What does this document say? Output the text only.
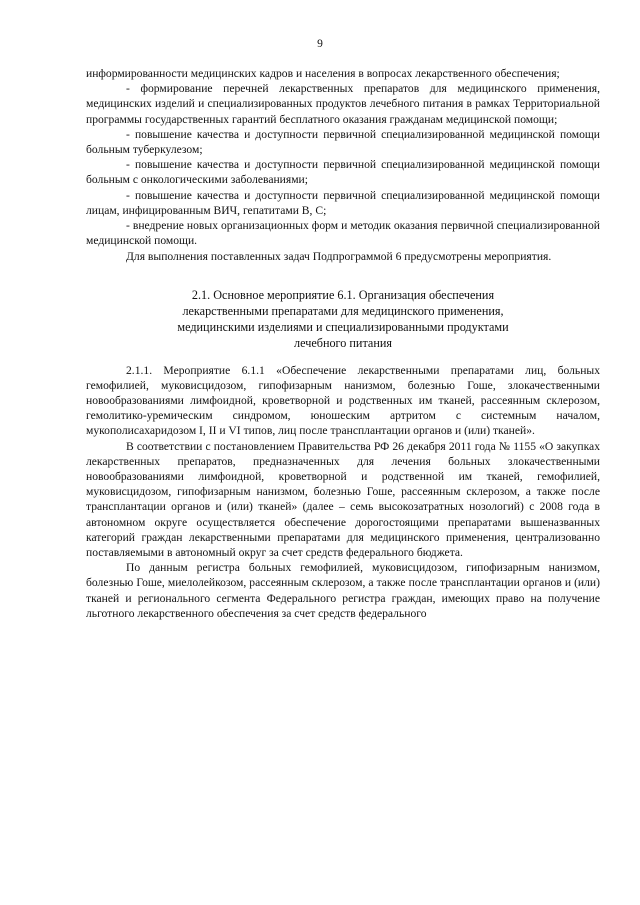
9

информированности медицинских кадров и населения в вопросах лекарственного обеспечения;

- формирование перечней лекарственных препаратов для медицинского применения, медицинских изделий и специализированных продуктов лечебного питания в рамках Территориальной программы государственных гарантий бесплатного оказания гражданам медицинской помощи;

- повышение качества и доступности первичной специализированной медицинской помощи больным туберкулезом;

- повышение качества и доступности первичной специализированной медицинской помощи больным с онкологическими заболеваниями;

- повышение качества и доступности первичной специализированной медицинской помощи лицам, инфицированным ВИЧ, гепатитами В, С;

- внедрение новых организационных форм и методик оказания первичной специализированной медицинской помощи.

Для выполнения поставленных задач Подпрограммой 6 предусмотрены мероприятия.

2.1. Основное мероприятие 6.1. Организация обеспечения
лекарственными препаратами для медицинского применения,
медицинскими изделиями и специализированными продуктами
лечебного питания

2.1.1. Мероприятие 6.1.1 «Обеспечение лекарственными препаратами лиц, больных гемофилией, муковисцидозом, гипофизарным нанизмом, болезнью Гоше, злокачественными новообразованиями лимфоидной, кроветворной и родственных им тканей, рассеянным склерозом, гемолитико-уремическим синдромом, юношеским артритом с системным началом, мукополисахаридозом I, II и VI типов, лиц после трансплантации органов и (или) тканей».

В соответствии с постановлением Правительства РФ 26 декабря 2011 года № 1155 «О закупках лекарственных препаратов, предназначенных для лечения больных злокачественными новообразованиями лимфоидной, кроветворной и родственной им тканей, гемофилией, муковисцидозом, гипофизарным нанизмом, болезнью Гоше, рассеянным склерозом, а также после трансплантации органов и (или) тканей» (далее – семь высокозатратных нозологий) с 2008 года в автономном округе осуществляется обеспечение дорогостоящими препаратами вышеназванных категорий граждан лекарственными препаратами для медицинского применения, централизованно поставляемыми в автономный округ за счет средств федерального бюджета.

По данным регистра больных гемофилией, муковисцидозом, гипофизарным нанизмом, болезнью Гоше, миелолейкозом, рассеянным склерозом, а также после трансплантации органов и (или) тканей и регионального сегмента Федерального регистра граждан, имеющих право на получение льготного лекарственного обеспечения за счет средств федерального
